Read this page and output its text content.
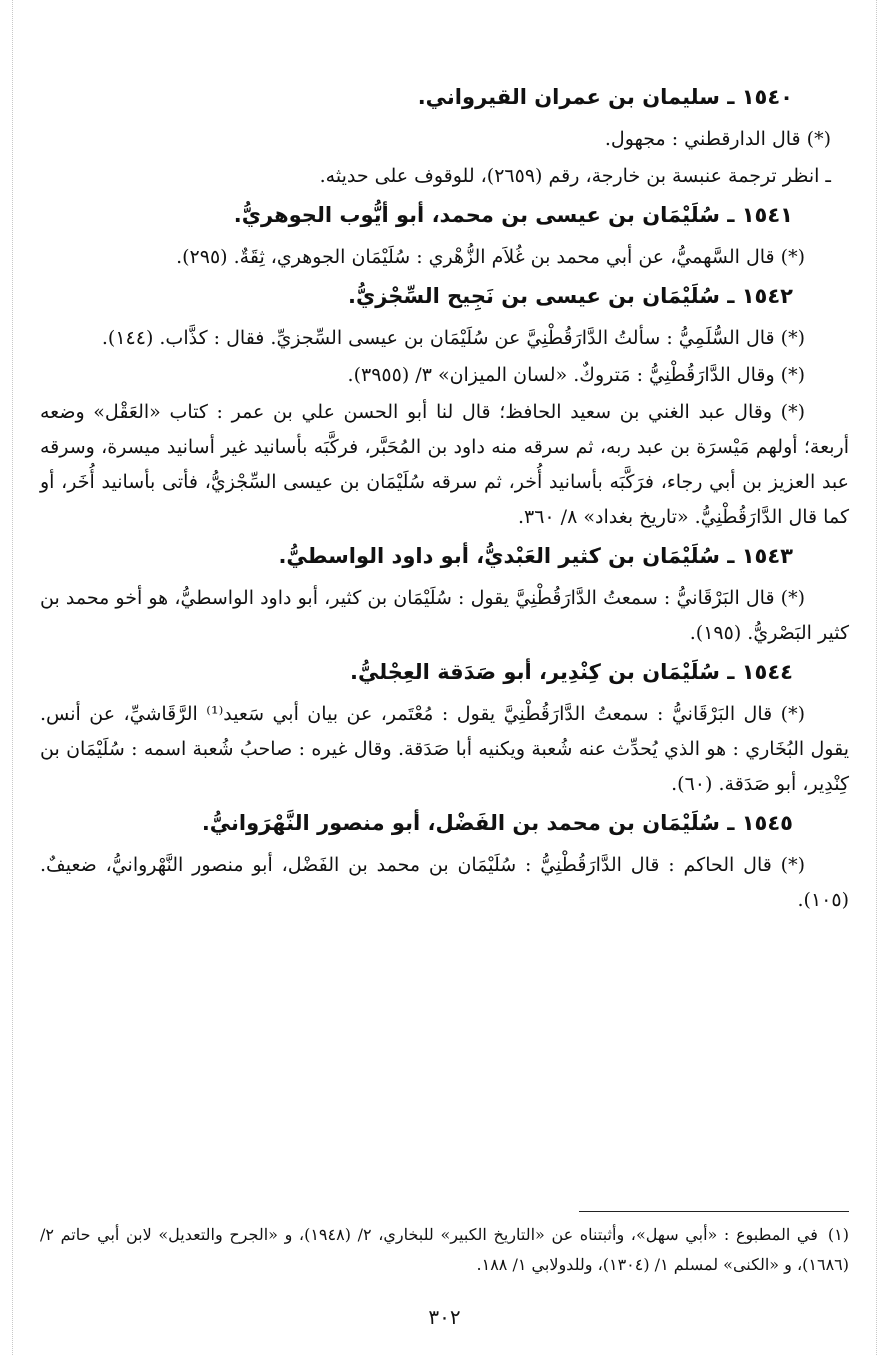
١٥٤٠ ـ سليمان بن عمران القيرواني.
(*) قال الدارقطني : مجهول.
ـ انظر ترجمة عنبسة بن خارجة، رقم (٢٦٥٩)، للوقوف على حديثه.
١٥٤١ ـ سُلَيْمَان بن عيسى بن محمد، أبو أيُّوب الجوهريُّ.
(*) قال السَّهميُّ، عن أبي محمد بن غُلاَم الزُّهْري : سُلَيْمَان الجوهري، ثِقَةٌ. (٢٩٥).
١٥٤٢ ـ سُلَيْمَان بن عيسى بن نَجِيح السِّجْزيُّ.
(*) قال السُّلَمِيُّ : سألتُ الدَّارَقُطْنِيَّ عن سُلَيْمَان بن عيسى السِّجزيِّ. فقال : كذَّاب. (١٤٤).
(*) وقال الدَّارَقُطْنِيُّ : مَتروكٌ. «لسان الميزان» ٣/ (٣٩٥٥).
(*) وقال عبد الغني بن سعيد الحافظ؛ قال لنا أبو الحسن علي بن عمر : كتاب «العَقْل» وضعه أربعة؛ أولهم مَيْسرَة بن عبد ربه، ثم سرقه منه داود بن المُحَبَّر، فركَّبَه بأسانيد غير أسانيد ميسرة، وسرقه عبد العزيز بن أبي رجاء، فرَكَّبَه بأسانيد أُخر، ثم سرقه سُلَيْمَان بن عيسى السِّجْزيُّ، فأتى بأسانيد أُخَر، أو كما قال الدَّارَقُطْنِيُّ. «تاريخ بغداد» ٨/ ٣٦٠.
١٥٤٣ ـ سُلَيْمَان بن كثير العَبْديُّ، أبو داود الواسطيُّ.
(*) قال البَرْقَانيُّ : سمعتُ الدَّارَقُطْنِيَّ يقول : سُلَيْمَان بن كثير، أبو داود الواسطيُّ، هو أخو محمد بن كثير البَصْريُّ. (١٩٥).
١٥٤٤ ـ سُلَيْمَان بن كِنْدِير، أبو صَدَقة العِجْليُّ.
(*) قال البَرْقَانيُّ : سمعتُ الدَّارَقُطْنِيَّ يقول : مُعْتَمر، عن بيان أبي سَعيد⁽¹⁾ الرَّقَاشيِّ، عن أنس. يقول البُخَاري : هو الذي يُحدِّث عنه شُعبة ويكنيه أبا صَدَقة. وقال غيره : صاحبُ شُعبة اسمه : سُلَيْمَان بن كِنْدِير، أبو صَدَقة. (٦٠).
١٥٤٥ ـ سُلَيْمَان بن محمد بن الفَضْل، أبو منصور النَّهْرَوانيُّ.
(*) قال الحاكم : قال الدَّارَقُطْنِيُّ : سُلَيْمَان بن محمد بن الفَضْل، أبو منصور النَّهْروانيُّ، ضعيفٌ. (١٠٥).
(١)في المطبوع : «أبي سهل»، وأثبتناه عن «التاريخ الكبير» للبخاري، ٢/ (١٩٤٨)، و «الجرح والتعديل» لابن أبي حاتم ٢/ (١٦٨٦)، و «الكنى» لمسلم ١/ (١٣٠٤)، وللدولابي ١/ ١٨٨.
٣٠٢
